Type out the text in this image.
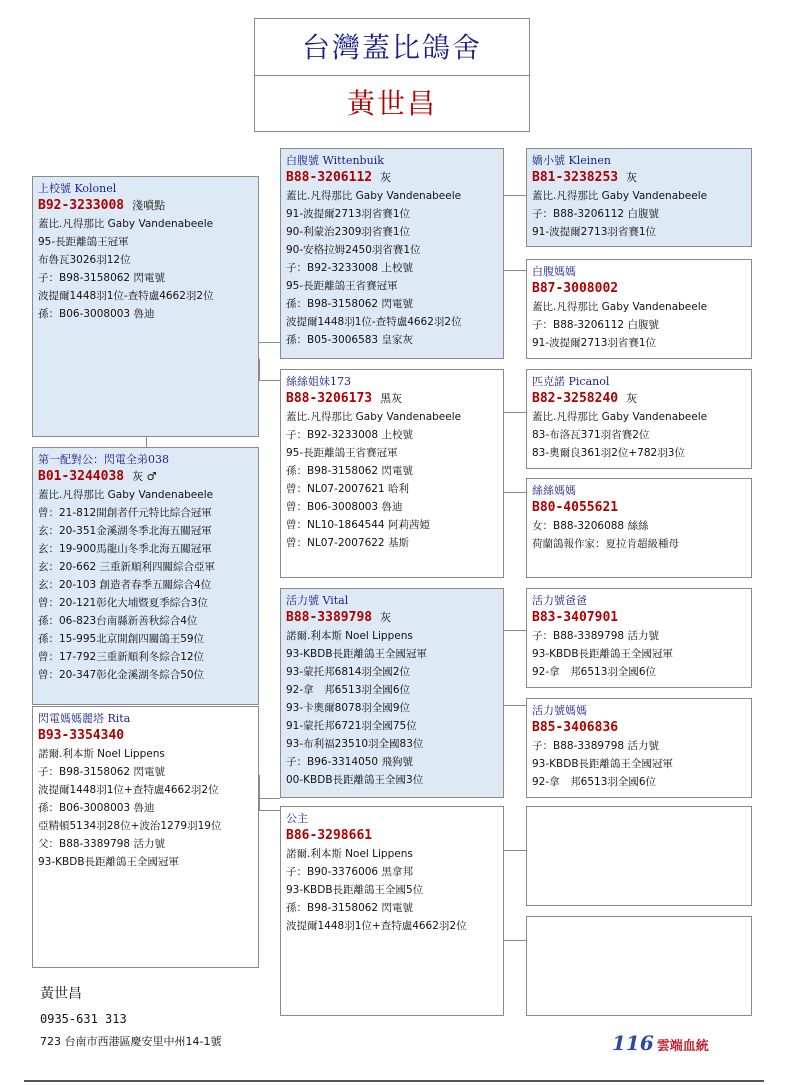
台灣蓋比鴿舍
黃世昌
上校號 Kolonel
B92-3233008 淺噴點
蓋比.凡得那比 Gaby Vandenabeele
95-長距離鴿王冠軍
布魯瓦3026羽12位
子：B98-3158062 閃電號
波提爾1448羽1位-查特盧4662羽2位
孫：B06-3008003 魯迪
第一配對公：閃電全弟038
B01-3244038 灰 ♂
蓋比.凡得那比 Gaby Vandenabeele
曾：21-812開創者仟元特比綜合冠軍
玄：20-351金溪湖冬季北海五關冠軍
玄：19-900馬龍山冬季北海五關冠軍
玄：20-662 三重新順利四關綜合亞軍
玄：20-103 創造者春季五關綜合4位
曾：20-121彰化大埔暨夏季綜合3位
孫：06-823台南縣新善秋綜合4位
孫：15-995北京開創四關鴿王59位
曾：17-792三重新順利冬綜合12位
曾：20-347彰化金溪湖冬綜合50位
閃電媽媽麗塔 Rita
B93-3354340
諾爾.利本斯 Noel Lippens
子：B98-3158062 閃電號
波提爾1448羽1位+查特盧4662羽2位
孫：B06-3008003 魯迪
亞精頓5134羽28位+波治1279羽19位
父：B88-3389798 活力號
93-KBDB長距離鴿王全國冠軍
白腹號 Wittenbuik
B88-3206112 灰
蓋比.凡得那比 Gaby Vandenabeele
91-波提爾2713羽省賽1位
90-利蒙治2309羽省賽1位
90-安格拉姆2450羽省賽1位
子：B92-3233008 上校號
95-長距離鴿王省賽冠軍
孫：B98-3158062 閃電號
波提爾1448羽1位-查特盧4662羽2位
孫：B05-3006583 皇家灰
絲絲姐妹173
B88-3206173 黑灰
蓋比.凡得那比 Gaby Vandenabeele
子：B92-3233008 上校號
95-長距離鴿王省賽冠軍
孫：B98-3158062 閃電號
曾：NL07-2007621 哈利
曾：B06-3008003 魯迪
曾：NL10-1864544 阿莉茜婭
曾：NL07-2007622 基斯
活力號 Vital
B88-3389798 灰
諾爾.利本斯 Noel Lippens
93-KBDB長距離鴿王全國冠軍
93-蒙托邦6814羽全國2位
92-拿　邦6513羽全國6位
93-卡奧爾8078羽全國9位
91-蒙托邦6721羽全國75位
93-布利福23510羽全國83位
子：B96-3314050 飛狗號
00-KBDB長距離鴿王全國3位
公主
B86-3298661
諾爾.利本斯 Noel Lippens
子：B90-3376006 黑拿邦
93-KBDB長距離鴿王全國5位
孫：B98-3158062 閃電號
波提爾1448羽1位+查特盧4662羽2位
嬌小號 Kleinen
B81-3238253 灰
蓋比.凡得那比 Gaby Vandenabeele
子：B88-3206112 白腹號
91-波提爾2713羽省賽1位
白腹媽媽
B87-3008002
蓋比.凡得那比 Gaby Vandenabeele
子：B88-3206112 白腹號
91-波提爾2713羽省賽1位
匹克諾 Picanol
B82-3258240 灰
蓋比.凡得那比 Gaby Vandenabeele
83-布洛瓦371羽省賽2位
83-奧爾良361羽2位+782羽3位
絲絲媽媽
B80-4055621
女：B88-3206088 絲絲
荷蘭鴿報作家：夏拉肯超級種母
活力號爸爸
B83-3407901
子：B88-3389798 活力號
93-KBDB長距離鴿王全國冠軍
92-拿　邦6513羽全國6位
活力號媽媽
B85-3406836
子：B88-3389798 活力號
93-KBDB長距離鴿王全國冠軍
92-拿　邦6513羽全國6位
黃世昌
0935-631 313
723 台南市西港區慶安里中州14-1號	116 雲端血統
